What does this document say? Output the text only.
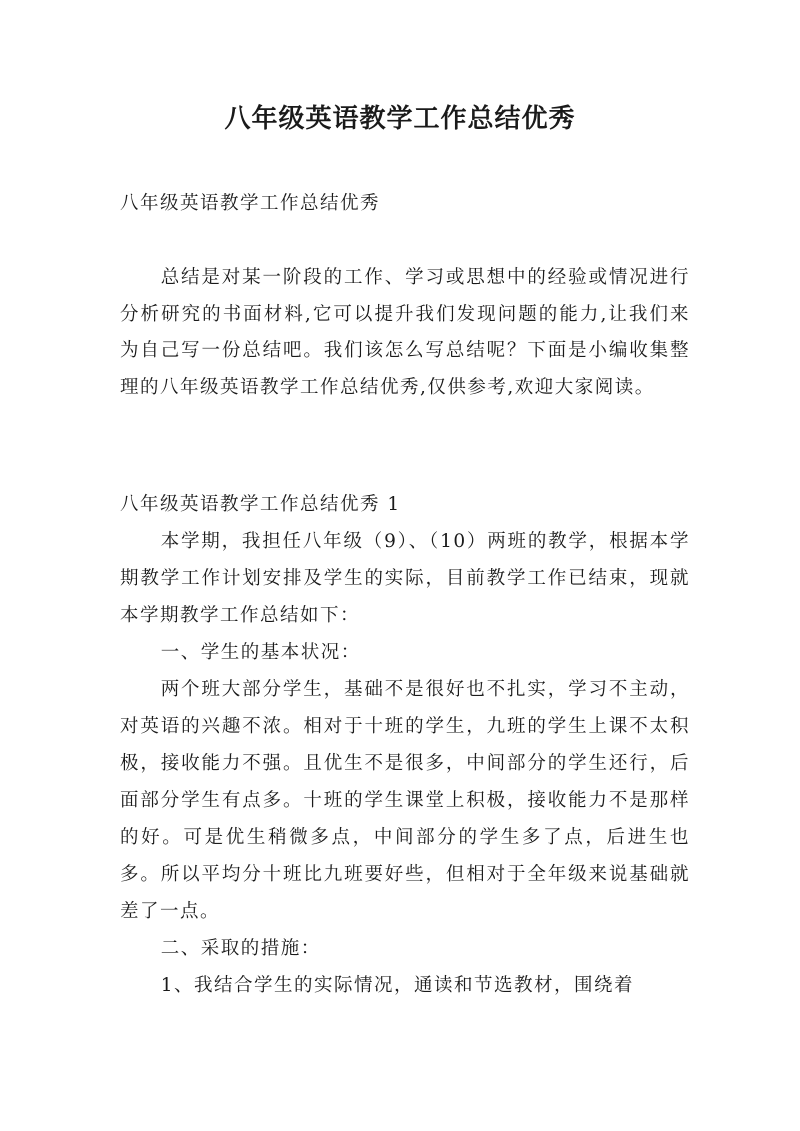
八年级英语教学工作总结优秀
八年级英语教学工作总结优秀
总结是对某一阶段的工作、学习或思想中的经验或情况进行分析研究的书面材料,它可以提升我们发现问题的能力,让我们来为自己写一份总结吧。我们该怎么写总结呢？下面是小编收集整理的八年级英语教学工作总结优秀,仅供参考,欢迎大家阅读。
八年级英语教学工作总结优秀 1

本学期，我担任八年级（9）、（10）两班的教学，根据本学期教学工作计划安排及学生的实际，目前教学工作已结束，现就本学期教学工作总结如下：

一、学生的基本状况：

两个班大部分学生，基础不是很好也不扎实，学习不主动，对英语的兴趣不浓。相对于十班的学生，九班的学生上课不太积极，接收能力不强。且优生不是很多，中间部分的学生还行，后面部分学生有点多。十班的学生课堂上积极，接收能力不是那样的好。可是优生稍微多点，中间部分的学生多了点，后进生也多。所以平均分十班比九班要好些，但相对于全年级来说基础就差了一点。

二、采取的措施：

1、我结合学生的实际情况，通读和节选教材，围绕着
